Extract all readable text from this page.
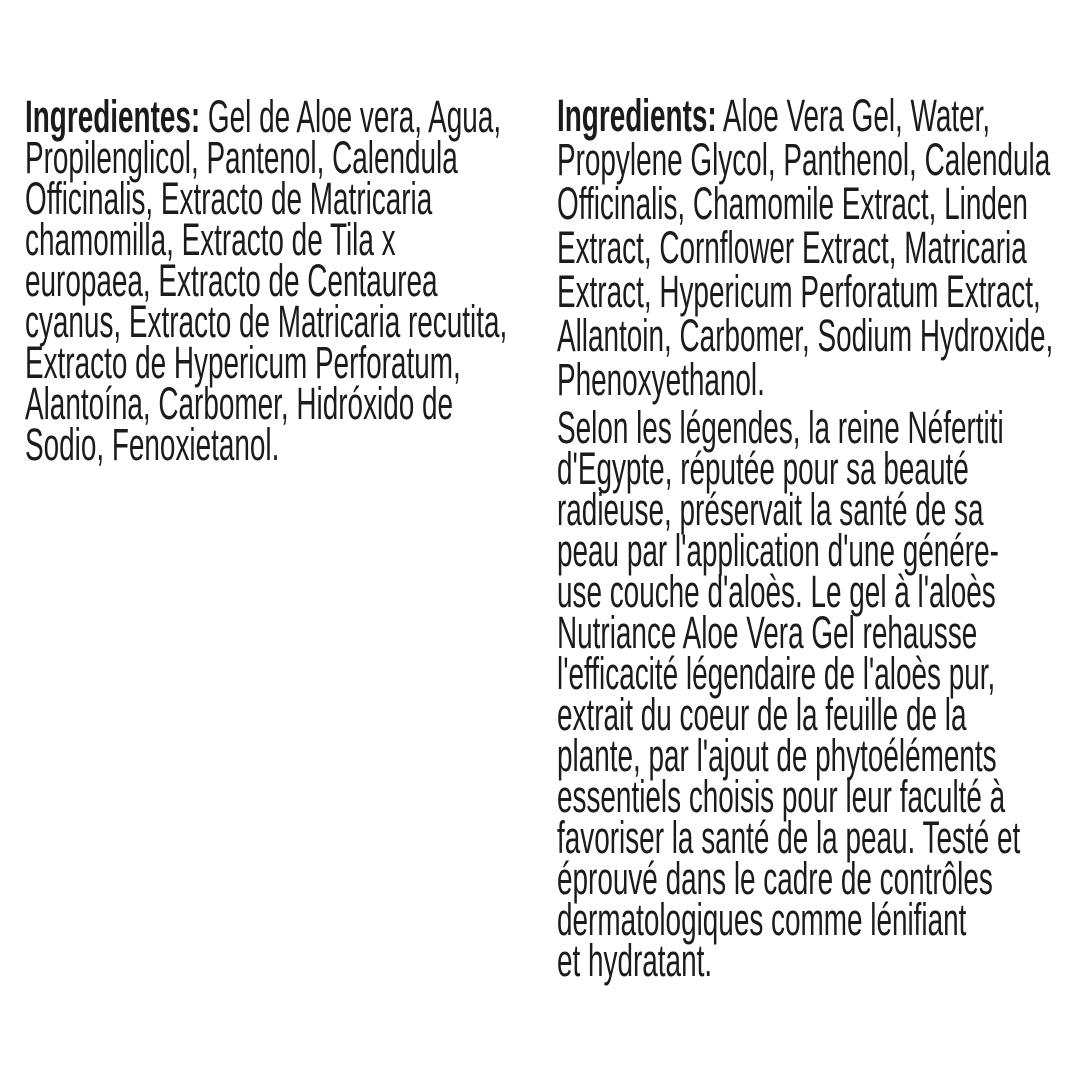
Ingredientes: Gel de Aloe vera, Agua,
Propilenglicol, Pantenol, Calendula
Officinalis, Extracto de Matricaria
chamomilla, Extracto de Tila x
europaea, Extracto de Centaurea
cyanus, Extracto de Matricaria recutita,
Extracto de Hypericum Perforatum,
Alantoína, Carbomer, Hidróxido de
Sodio, Fenoxietanol.
Ingredients: Aloe Vera Gel, Water,
Propylene Glycol, Panthenol, Calendula
Officinalis, Chamomile Extract, Linden
Extract, Cornflower Extract, Matricaria
Extract, Hypericum Perforatum Extract,
Allantoin, Carbomer, Sodium Hydroxide,
Phenoxyethanol.
Selon les légendes, la reine Néfertiti
d'Egypte, réputée pour sa beauté
radieuse, préservait la santé de sa
peau par l'application d'une génére-
use couche d'aloès. Le gel à l'aloès
Nutriance Aloe Vera Gel rehausse
l'efficacité légendaire de l'aloès pur,
extrait du coeur de la feuille de la
plante, par l'ajout de phytoéléments
essentiels choisis pour leur faculté à
favoriser la santé de la peau. Testé et
éprouvé dans le cadre de contrôles
dermatologiques comme lénifiant
et hydratant.
